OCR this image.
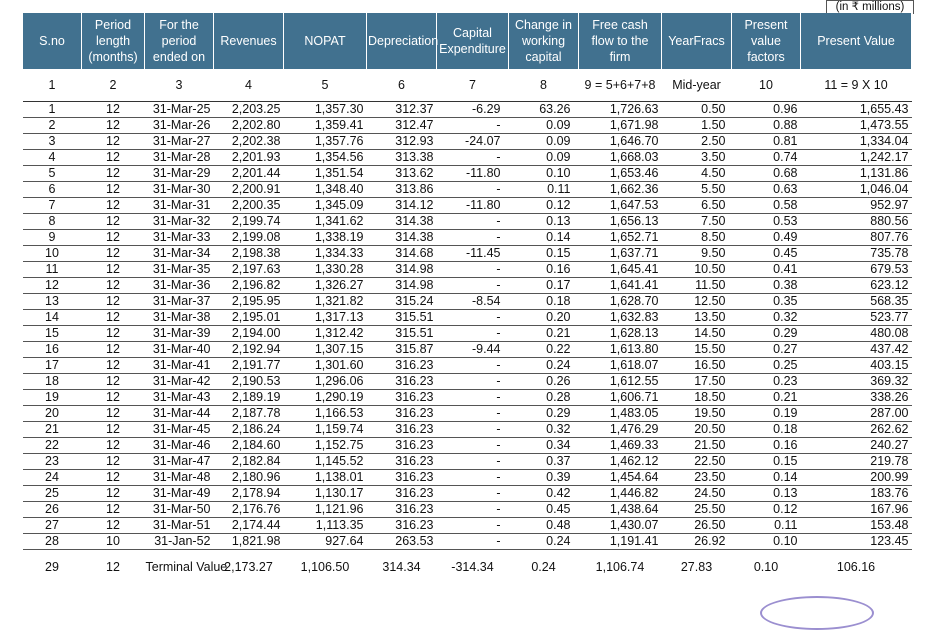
(in ₹ millions)
S.no	Period length (months)	For the period ended on	Revenues	NOPAT	Depreciation	Capital Expenditure	Change in working capital	Free cash flow to the firm	YearFracs	Present value factors	Present Value
1	2	3	4	5	6	7	8	9 = 5+6+7+8	Mid-year	10	11 = 9 X 10
1	12	31-Mar-25	2,203.25	1,357.30	312.37	-6.29	63.26	1,726.63	0.50	0.96	1,655.43
2	12	31-Mar-26	2,202.80	1,359.41	312.47	-	0.09	1,671.98	1.50	0.88	1,473.55
3	12	31-Mar-27	2,202.38	1,357.76	312.93	-24.07	0.09	1,646.70	2.50	0.81	1,334.04
4	12	31-Mar-28	2,201.93	1,354.56	313.38	-	0.09	1,668.03	3.50	0.74	1,242.17
5	12	31-Mar-29	2,201.44	1,351.54	313.62	-11.80	0.10	1,653.46	4.50	0.68	1,131.86
6	12	31-Mar-30	2,200.91	1,348.40	313.86	-	0.11	1,662.36	5.50	0.63	1,046.04
7	12	31-Mar-31	2,200.35	1,345.09	314.12	-11.80	0.12	1,647.53	6.50	0.58	952.97
8	12	31-Mar-32	2,199.74	1,341.62	314.38	-	0.13	1,656.13	7.50	0.53	880.56
9	12	31-Mar-33	2,199.08	1,338.19	314.38	-	0.14	1,652.71	8.50	0.49	807.76
10	12	31-Mar-34	2,198.38	1,334.33	314.68	-11.45	0.15	1,637.71	9.50	0.45	735.78
11	12	31-Mar-35	2,197.63	1,330.28	314.98	-	0.16	1,645.41	10.50	0.41	679.53
12	12	31-Mar-36	2,196.82	1,326.27	314.98	-	0.17	1,641.41	11.50	0.38	623.12
13	12	31-Mar-37	2,195.95	1,321.82	315.24	-8.54	0.18	1,628.70	12.50	0.35	568.35
14	12	31-Mar-38	2,195.01	1,317.13	315.51	-	0.20	1,632.83	13.50	0.32	523.77
15	12	31-Mar-39	2,194.00	1,312.42	315.51	-	0.21	1,628.13	14.50	0.29	480.08
16	12	31-Mar-40	2,192.94	1,307.15	315.87	-9.44	0.22	1,613.80	15.50	0.27	437.42
17	12	31-Mar-41	2,191.77	1,301.60	316.23	-	0.24	1,618.07	16.50	0.25	403.15
18	12	31-Mar-42	2,190.53	1,296.06	316.23	-	0.26	1,612.55	17.50	0.23	369.32
19	12	31-Mar-43	2,189.19	1,290.19	316.23	-	0.28	1,606.71	18.50	0.21	338.26
20	12	31-Mar-44	2,187.78	1,166.53	316.23	-	0.29	1,483.05	19.50	0.19	287.00
21	12	31-Mar-45	2,186.24	1,159.74	316.23	-	0.32	1,476.29	20.50	0.18	262.62
22	12	31-Mar-46	2,184.60	1,152.75	316.23	-	0.34	1,469.33	21.50	0.16	240.27
23	12	31-Mar-47	2,182.84	1,145.52	316.23	-	0.37	1,462.12	22.50	0.15	219.78
24	12	31-Mar-48	2,180.96	1,138.01	316.23	-	0.39	1,454.64	23.50	0.14	200.99
25	12	31-Mar-49	2,178.94	1,130.17	316.23	-	0.42	1,446.82	24.50	0.13	183.76
26	12	31-Mar-50	2,176.76	1,121.96	316.23	-	0.45	1,438.64	25.50	0.12	167.96
27	12	31-Mar-51	2,174.44	1,113.35	316.23	-	0.48	1,430.07	26.50	0.11	153.48
28	10	31-Jan-52	1,821.98	927.64	263.53	-	0.24	1,191.41	26.92	0.10	123.45
29	12	Terminal Value	2,173.27	1,106.50	314.34	-314.34	0.24	1,106.74	27.83	0.10	106.16
